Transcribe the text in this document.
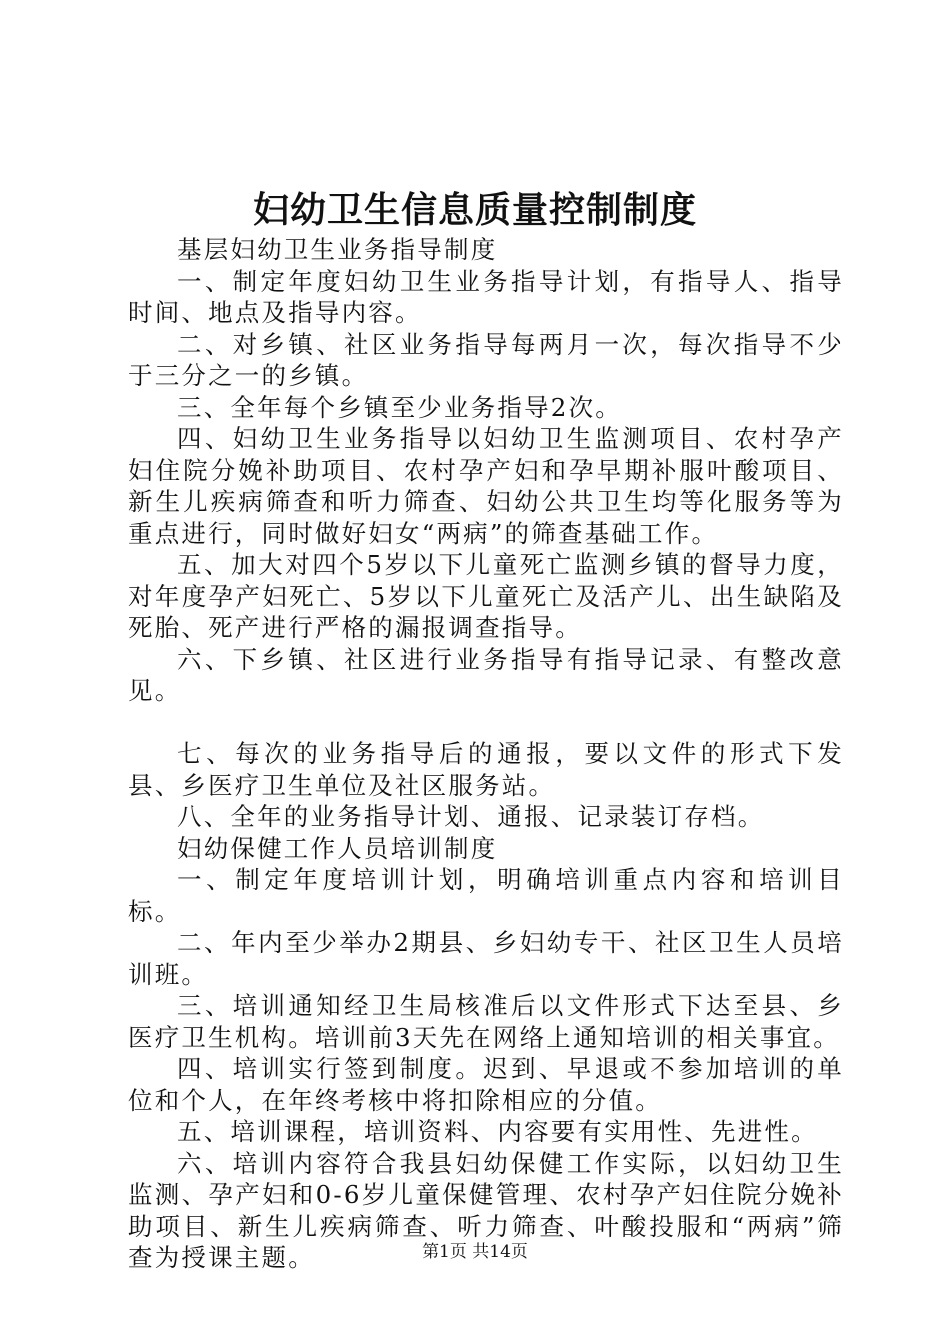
妇幼卫生信息质量控制制度

基层妇幼卫生业务指导制度

一、制定年度妇幼卫生业务指导计划，有指导人、指导时间、地点及指导内容。

二、对乡镇、社区业务指导每两月一次，每次指导不少于三分之一的乡镇。

三、全年每个乡镇至少业务指导2次。

四、妇幼卫生业务指导以妇幼卫生监测项目、农村孕产妇住院分娩补助项目、农村孕产妇和孕早期补服叶酸项目、新生儿疾病筛查和听力筛查、妇幼公共卫生均等化服务等为重点进行，同时做好妇女“两病”的筛查基础工作。

五、加大对四个5岁以下儿童死亡监测乡镇的督导力度，对年度孕产妇死亡、5岁以下儿童死亡及活产儿、出生缺陷及死胎、死产进行严格的漏报调查指导。

六、下乡镇、社区进行业务指导有指导记录、有整改意见。

七、每次的业务指导后的通报，要以文件的形式下发县、乡医疗卫生单位及社区服务站。

八、全年的业务指导计划、通报、记录装订存档。

妇幼保健工作人员培训制度

一、制定年度培训计划，明确培训重点内容和培训目标。

二、年内至少举办2期县、乡妇幼专干、社区卫生人员培训班。

三、培训通知经卫生局核准后以文件形式下达至县、乡医疗卫生机构。培训前3天先在网络上通知培训的相关事宜。

四、培训实行签到制度。迟到、早退或不参加培训的单位和个人，在年终考核中将扣除相应的分值。

五、培训课程，培训资料、内容要有实用性、先进性。

六、培训内容符合我县妇幼保健工作实际，以妇幼卫生监测、孕产妇和0-6岁儿童保健管理、农村孕产妇住院分娩补助项目、新生儿疾病筛查、听力筛查、叶酸投服和“两病”筛查为授课主题。	第1页 共14页
